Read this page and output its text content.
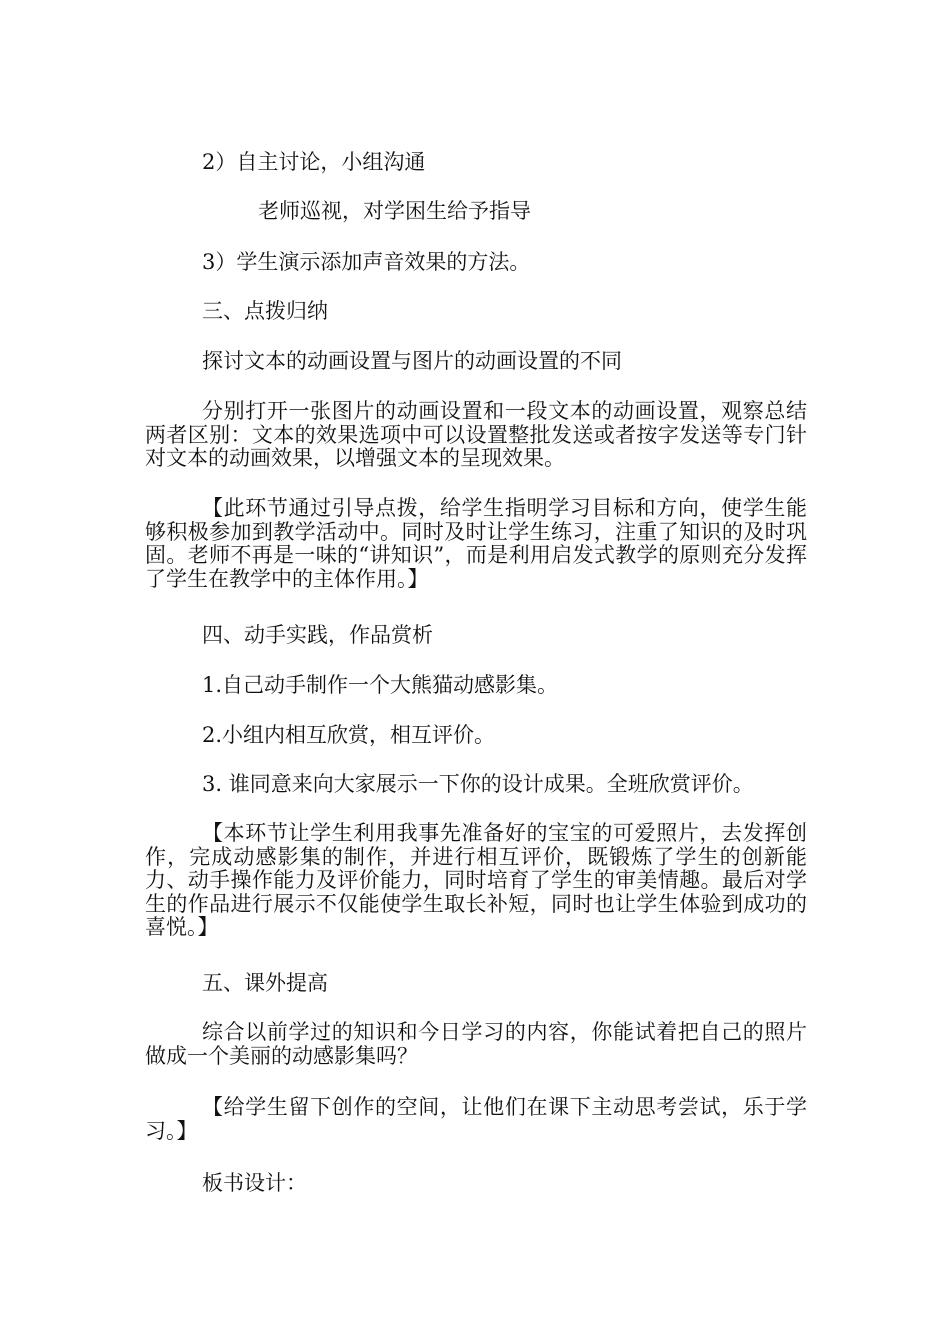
2）自主讨论，小组沟通

老师巡视，对学困生给予指导

3）学生演示添加声音效果的方法。

三、点拨归纳

探讨文本的动画设置与图片的动画设置的不同

分别打开一张图片的动画设置和一段文本的动画设置，观察总结两者区别：文本的效果选项中可以设置整批发送或者按字发送等专门针对文本的动画效果，以增强文本的呈现效果。

【此环节通过引导点拨，给学生指明学习目标和方向，使学生能够积极参加到教学活动中。同时及时让学生练习，注重了知识的及时巩固。老师不再是一味的“讲知识”，而是利用启发式教学的原则充分发挥了学生在教学中的主体作用。】

四、动手实践，作品赏析

1.自己动手制作一个大熊猫动感影集。

2.小组内相互欣赏，相互评价。

3. 谁同意来向大家展示一下你的设计成果。全班欣赏评价。

【本环节让学生利用我事先准备好的宝宝的可爱照片，去发挥创作，完成动感影集的制作，并进行相互评价，既锻炼了学生的创新能力、动手操作能力及评价能力，同时培育了学生的审美情趣。最后对学生的作品进行展示不仅能使学生取长补短，同时也让学生体验到成功的喜悦。】

五、课外提高

综合以前学过的知识和今日学习的内容，你能试着把自己的照片做成一个美丽的动感影集吗？

【给学生留下创作的空间，让他们在课下主动思考尝试，乐于学习。】

板书设计：
